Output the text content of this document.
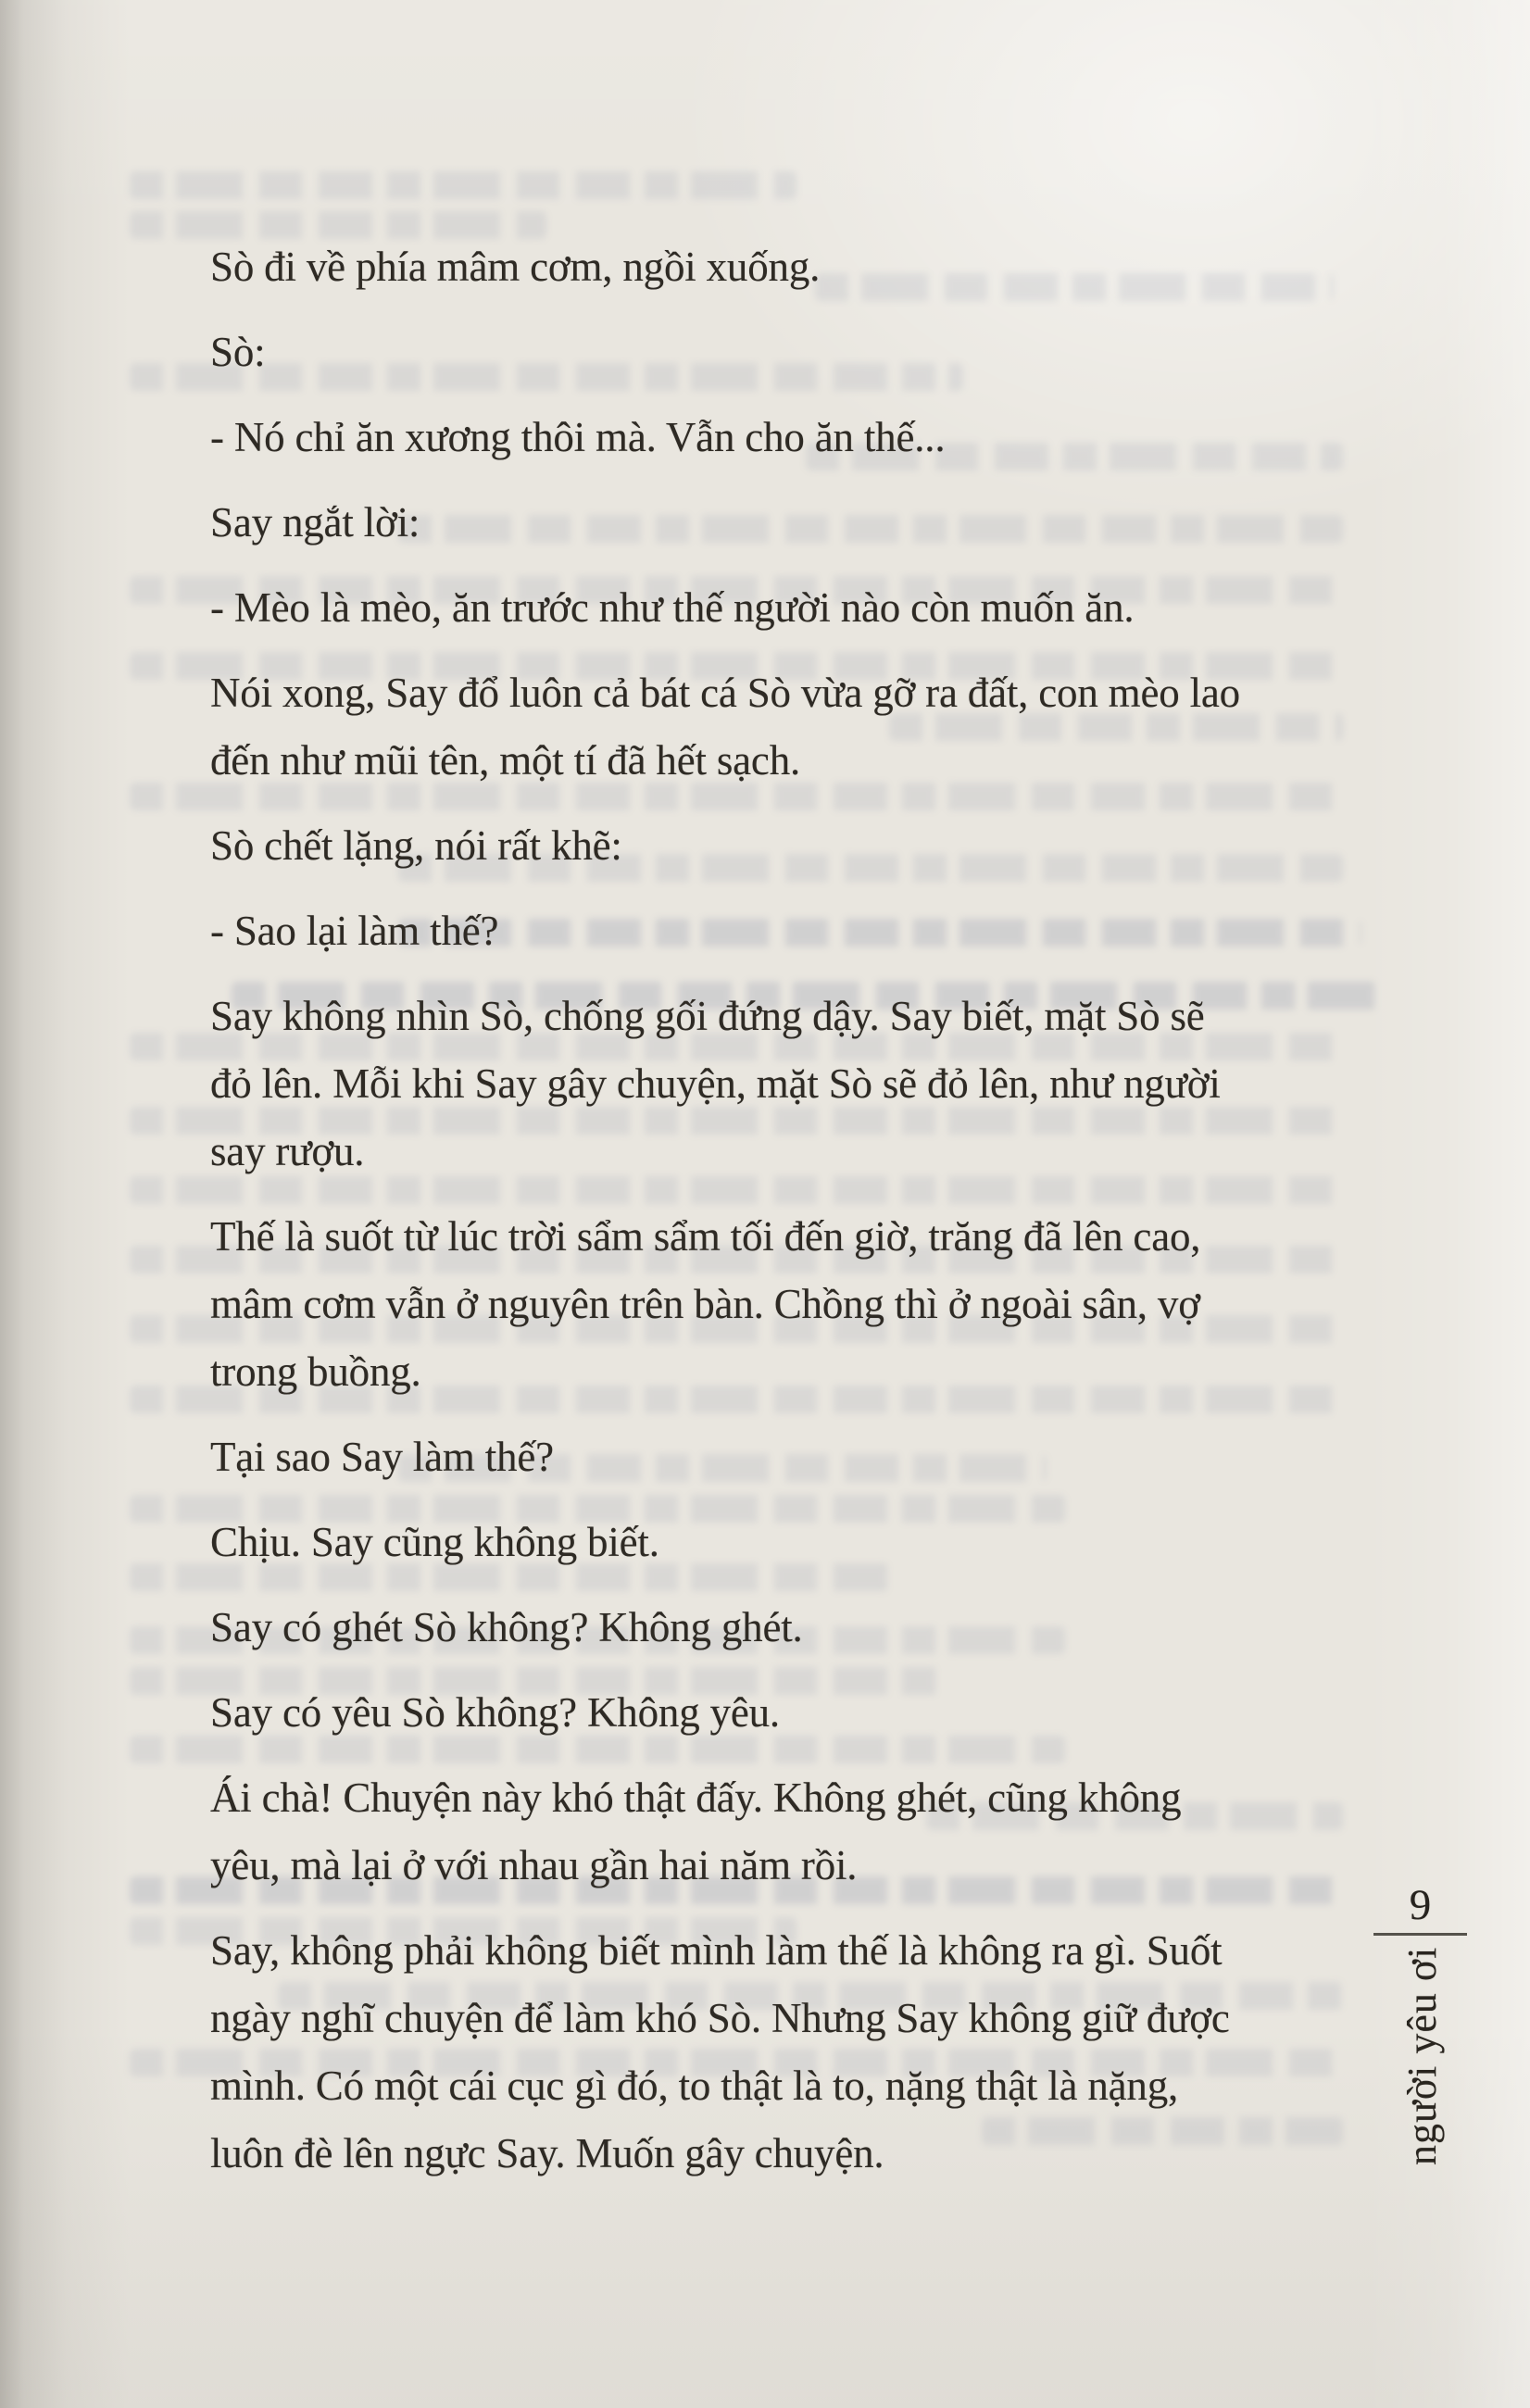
Sò đi về phía mâm cơm, ngồi xuống.
Sò:
- Nó chỉ ăn xương thôi mà. Vẫn cho ăn thế...
Say ngắt lời:
- Mèo là mèo, ăn trước như thế người nào còn muốn ăn.
Nói xong, Say đổ luôn cả bát cá Sò vừa gỡ ra đất, con mèo lao
đến như mũi tên, một tí đã hết sạch.
Sò chết lặng, nói rất khẽ:
- Sao lại làm thế?
Say không nhìn Sò, chống gối đứng dậy. Say biết, mặt Sò sẽ
đỏ lên. Mỗi khi Say gây chuyện, mặt Sò sẽ đỏ lên, như người
say rượu.
Thế là suốt từ lúc trời sẩm sẩm tối đến giờ, trăng đã lên cao,
mâm cơm vẫn ở nguyên trên bàn. Chồng thì ở ngoài sân, vợ
trong buồng.
Tại sao Say làm thế?
Chịu. Say cũng không biết.
Say có ghét Sò không? Không ghét.
Say có yêu Sò không? Không yêu.
Ái chà! Chuyện này khó thật đấy. Không ghét, cũng không
yêu, mà lại ở với nhau gần hai năm rồi.
Say, không phải không biết mình làm thế là không ra gì. Suốt
ngày nghĩ chuyện để làm khó Sò. Nhưng Say không giữ được
mình. Có một cái cục gì đó, to thật là to, nặng thật là nặng,
luôn đè lên ngực Say. Muốn gây chuyện.
9
người yêu ơi
